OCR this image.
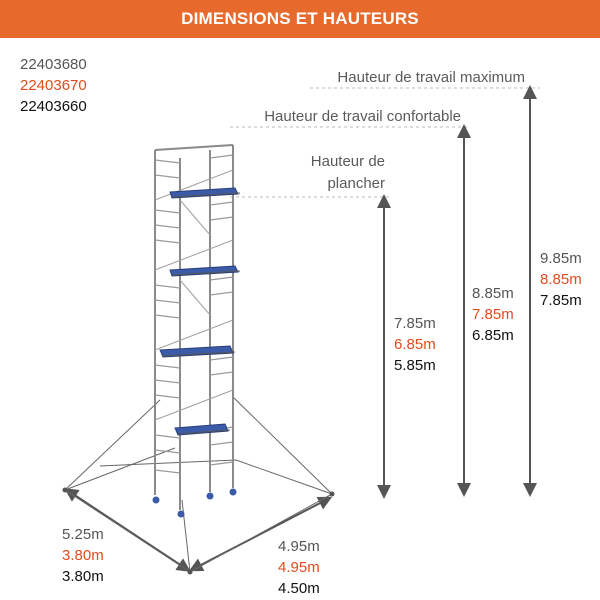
DIMENSIONS ET HAUTEURS
22403680
22403670
22403660
Hauteur de travail maximum
Hauteur de travail confortable
Hauteur de
plancher
9.85m
8.85m
7.85m
8.85m
7.85m
6.85m
7.85m
6.85m
5.85m
5.25m
3.80m
3.80m
4.95m
4.95m
4.50m
